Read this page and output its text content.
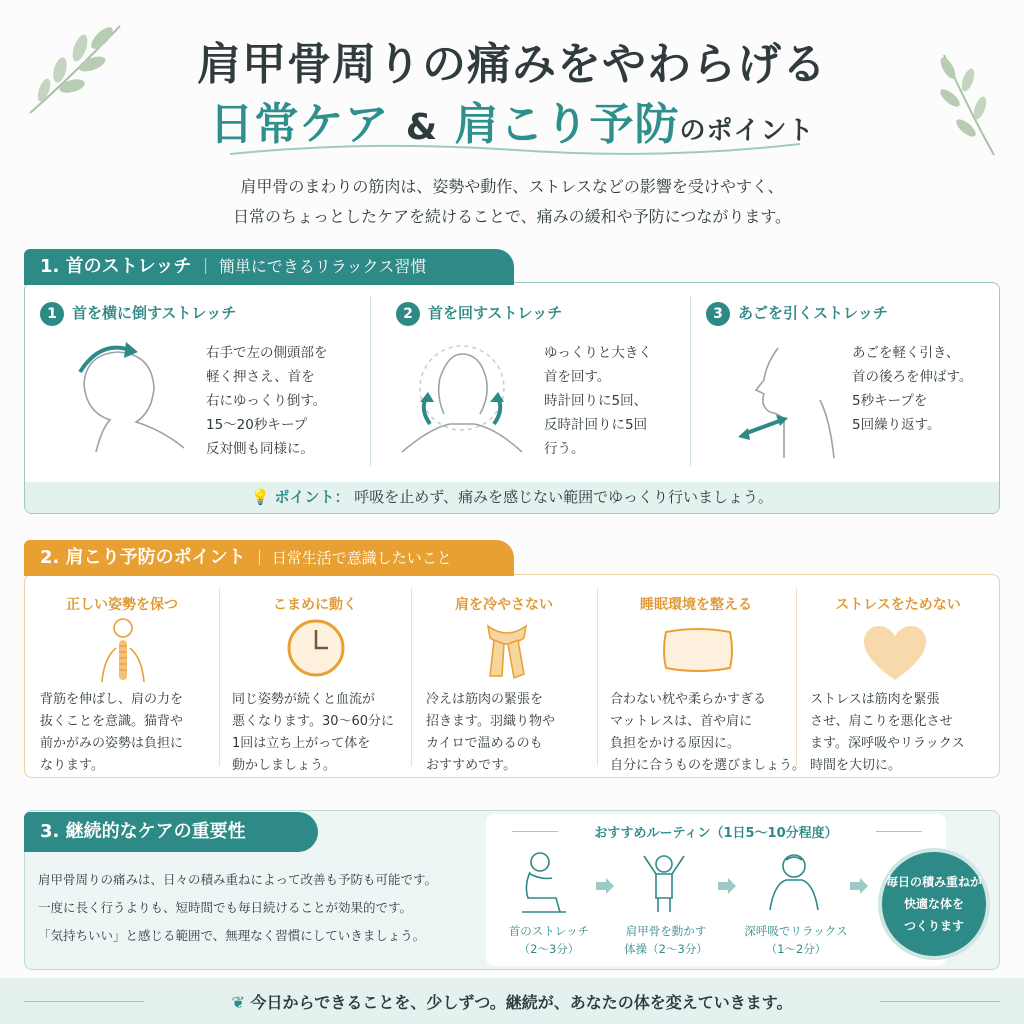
肩甲骨周りの痛みをやわらげる
日常ケア & 肩こり予防のポイント
肩甲骨のまわりの筋肉は、姿勢や動作、ストレスなどの影響を受けやすく、
日常のちょっとしたケアを続けることで、痛みの緩和や予防につながります。
1. 首のストレッチ ｜ 簡単にできるリラックス習慣
1 首を横に倒すストレッチ
右手で左の側頭部を
軽く押さえ、首を
右にゆっくり倒す。
15〜20秒キープ
反対側も同様に。
2 首を回すストレッチ
ゆっくりと大きく
首を回す。
時計回りに5回、
反時計回りに5回
行う。
3 あごを引くストレッチ
あごを軽く引き、
首の後ろを伸ばす。
5秒キープを
5回繰り返す。
💡 ポイント： 呼吸を止めず、痛みを感じない範囲でゆっくり行いましょう。
2. 肩こり予防のポイント ｜ 日常生活で意識したいこと
正しい姿勢を保つ
背筋を伸ばし、肩の力を
抜くことを意識。猫背や
前かがみの姿勢は負担に
なります。
こまめに動く
同じ姿勢が続くと血流が
悪くなります。30〜60分に
1回は立ち上がって体を
動かしましょう。
肩を冷やさない
冷えは筋肉の緊張を
招きます。羽織り物や
カイロで温めるのも
おすすめです。
睡眠環境を整える
合わない枕や柔らかすぎる
マットレスは、首や肩に
負担をかける原因に。
自分に合うものを選びましょう。
ストレスをためない
ストレスは筋肉を緊張
させ、肩こりを悪化させ
ます。深呼吸やリラックス
時間を大切に。
3. 継続的なケアの重要性
肩甲骨周りの痛みは、日々の積み重ねによって改善も予防も可能です。
一度に長く行うよりも、短時間でも毎日続けることが効果的です。
「気持ちいい」と感じる範囲で、無理なく習慣にしていきましょう。
おすすめルーティン（1日5〜10分程度）
首のストレッチ
（2〜3分）
肩甲骨を動かす
体操（2〜3分）
深呼吸でリラックス
（1〜2分）
毎日の積み重ねが
快適な体を
つくります
❦ 今日からできることを、少しずつ。継続が、あなたの体を変えていきます。
